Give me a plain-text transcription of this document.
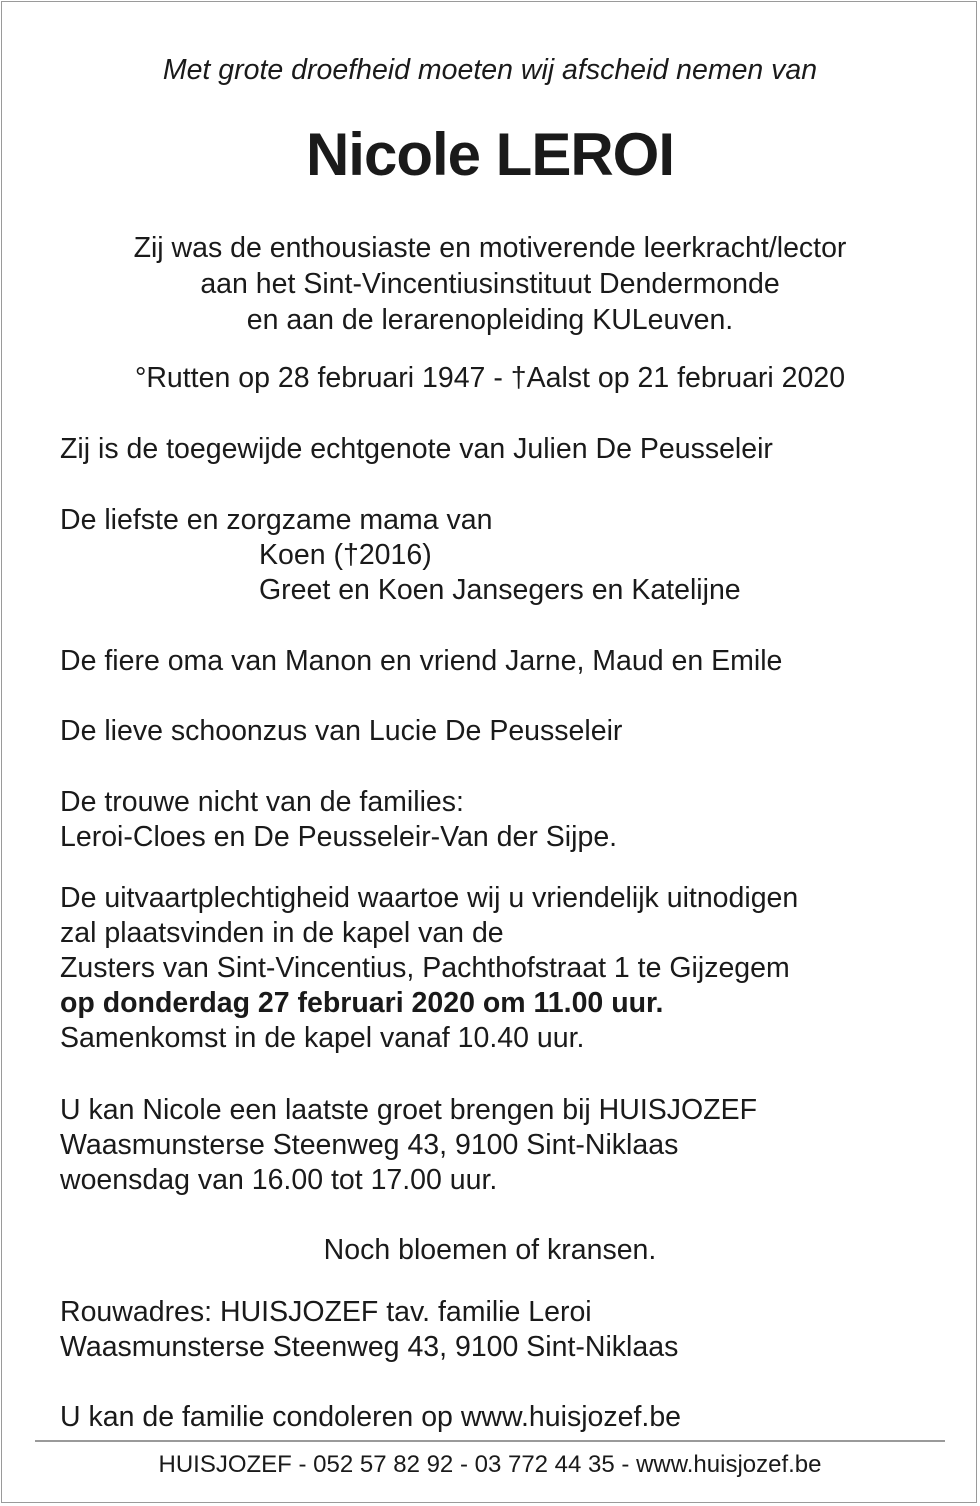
Met grote droefheid moeten wij afscheid nemen van

Nicole LEROI

Zij was de enthousiaste en motiverende leerkracht/lector

aan het Sint-Vincentiusinstituut Dendermonde

en aan de lerarenopleiding KULeuven.

°Rutten op 28 februari 1947 - †Aalst op 21 februari 2020

Zij is de toegewijde echtgenote van Julien De Peusseleir

De liefste en zorgzame mama van

Koen (†2016)

Greet en Koen Jansegers en Katelijne

De fiere oma van Manon en vriend Jarne, Maud en Emile

De lieve schoonzus van Lucie De Peusseleir

De trouwe nicht van de families:

Leroi-Cloes en De Peusseleir-Van der Sijpe.

De uitvaartplechtigheid waartoe wij u vriendelijk uitnodigen

zal plaatsvinden in de kapel van de

Zusters van Sint-Vincentius, Pachthofstraat 1 te Gijzegem

op donderdag 27 februari 2020 om 11.00 uur.

Samenkomst in de kapel vanaf 10.40 uur.

U kan Nicole een laatste groet brengen bij HUISJOZEF

Waasmunsterse Steenweg 43, 9100 Sint-Niklaas

woensdag van 16.00 tot 17.00 uur.

Noch bloemen of kransen.

Rouwadres: HUISJOZEF tav. familie Leroi

Waasmunsterse Steenweg 43, 9100 Sint-Niklaas

U kan de familie condoleren op www.huisjozef.be

HUISJOZEF - 052 57 82 92 - 03 772 44 35 - www.huisjozef.be
